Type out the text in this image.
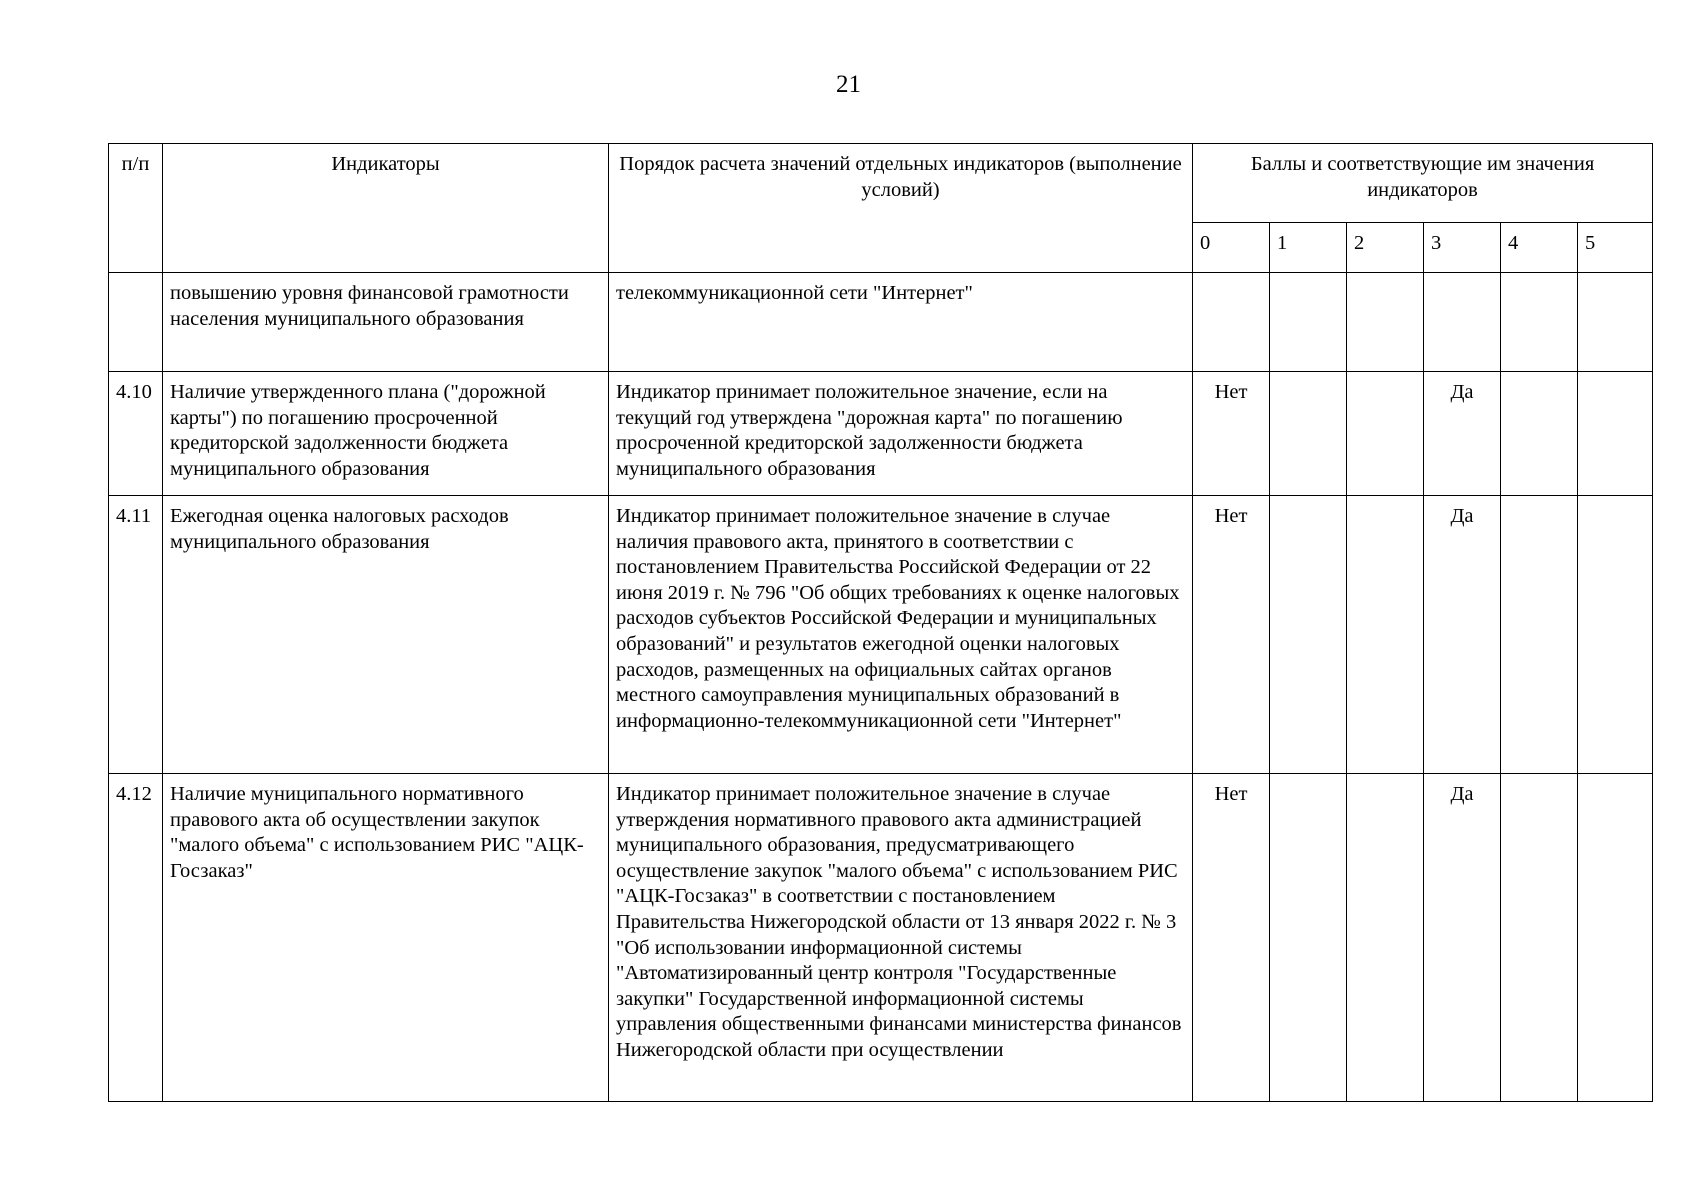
21
п/п	Индикаторы	Порядок расчета значений отдельных индикаторов (выполнение условий)	Баллы и соответствующие им значения индикаторов					
			0	1	2	3	4	5
	повышению уровня финансовой грамотности населения муниципального образования	телекоммуникационной сети "Интернет"						
4.10	Наличие утвержденного плана ("дорожной карты") по погашению просроченной кредиторской задолженности бюджета муниципального образования	Индикатор принимает положительное значение, если на текущий год утверждена "дорожная карта" по погашению просроченной кредиторской задолженности бюджета муниципального образования	Нет			Да		
4.11	Ежегодная оценка налоговых расходов муниципального образования	Индикатор принимает положительное значение в случае наличия правового акта, принятого в соответствии с постановлением Правительства Российской Федерации от 22 июня 2019 г. № 796 "Об общих требованиях к оценке налоговых расходов субъектов Российской Федерации и муниципальных образований" и результатов ежегодной оценки налоговых расходов, размещенных на официальных сайтах органов местного самоуправления муниципальных образований в информационно-телекоммуникационной сети "Интернет"	Нет			Да		
4.12	Наличие муниципального нормативного правового акта об осуществлении закупок "малого объема" с использованием РИС "АЦК-Госзаказ"	Индикатор принимает положительное значение в случае утверждения нормативного правового акта администрацией муниципального образования, предусматривающего осуществление закупок "малого объема" с использованием РИС "АЦК-Госзаказ" в соответствии с постановлением Правительства Нижегородской области от 13 января 2022 г. № 3 "Об использовании информационной системы "Автоматизированный центр контроля "Государственные закупки" Государственной информационной системы управления общественными финансами министерства финансов Нижегородской области при осуществлении	Нет			Да		
